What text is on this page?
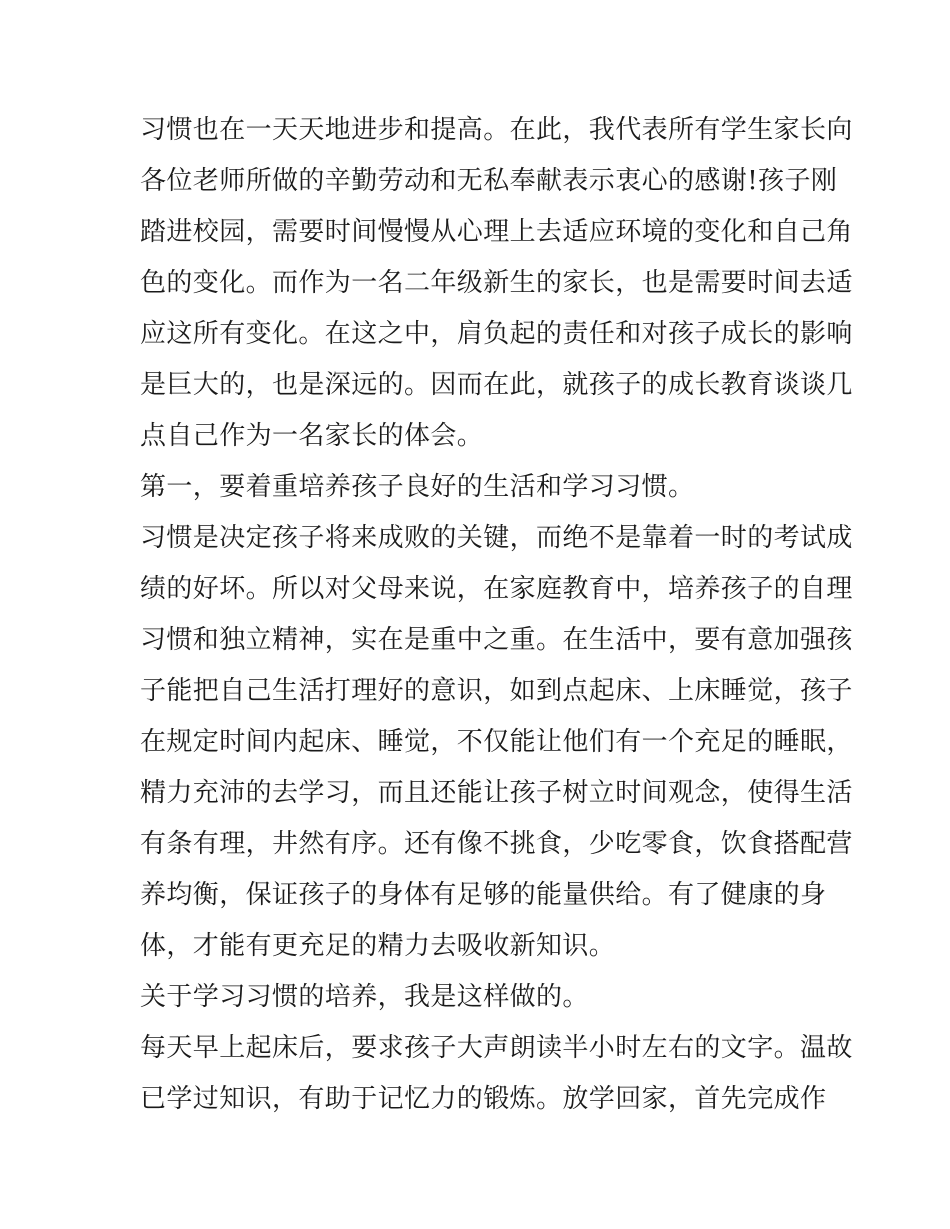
习惯也在一天天地进步和提高。在此，我代表所有学生家长向
各位老师所做的辛勤劳动和无私奉献表示衷心的感谢!孩子刚
踏进校园，需要时间慢慢从心理上去适应环境的变化和自己角
色的变化。而作为一名二年级新生的家长，也是需要时间去适
应这所有变化。在这之中，肩负起的责任和对孩子成长的影响
是巨大的，也是深远的。因而在此，就孩子的成长教育谈谈几
点自己作为一名家长的体会。
第一，要着重培养孩子良好的生活和学习习惯。
习惯是决定孩子将来成败的关键，而绝不是靠着一时的考试成
绩的好坏。所以对父母来说，在家庭教育中，培养孩子的自理
习惯和独立精神，实在是重中之重。在生活中，要有意加强孩
子能把自己生活打理好的意识，如到点起床、上床睡觉，孩子
在规定时间内起床、睡觉，不仅能让他们有一个充足的睡眠，
精力充沛的去学习，而且还能让孩子树立时间观念，使得生活
有条有理，井然有序。还有像不挑食，少吃零食，饮食搭配营
养均衡，保证孩子的身体有足够的能量供给。有了健康的身
体，才能有更充足的精力去吸收新知识。
关于学习习惯的培养，我是这样做的。
每天早上起床后，要求孩子大声朗读半小时左右的文字。温故
已学过知识，有助于记忆力的锻炼。放学回家，首先完成作
